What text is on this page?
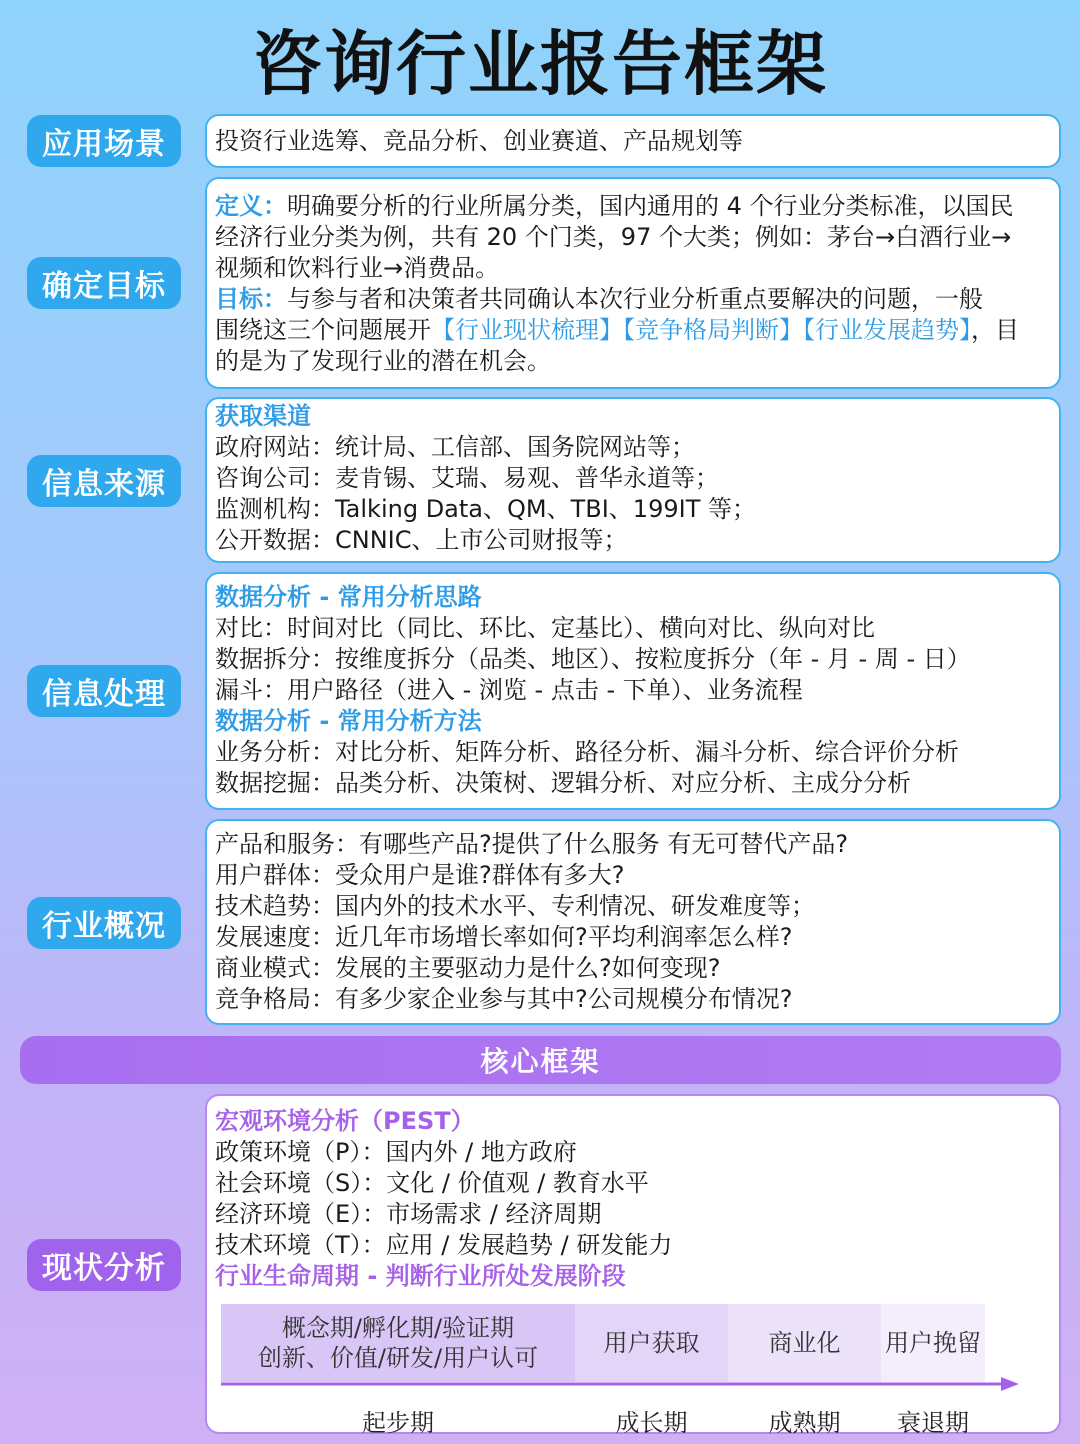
咨询行业报告框架
应用场景	投资行业选筹、竞品分析、创业赛道、产品规划等
确定目标
定义：明确要分析的行业所属分类，国内通用的 4 个行业分类标准，以国民
经济行业分类为例，共有 20 个门类，97 个大类；例如：茅台→白酒行业→
视频和饮料行业→消费品。
目标：与参与者和决策者共同确认本次行业分析重点要解决的问题，一般
围绕这三个问题展开【行业现状梳理】【竞争格局判断】【行业发展趋势】，目
的是为了发现行业的潜在机会。
信息来源
获取渠道
政府网站：统计局、工信部、国务院网站等；
咨询公司：麦肯锡、艾瑞、易观、普华永道等；
监测机构：Talking Data、QM、TBI、199IT 等；
公开数据：CNNIC、上市公司财报等；
信息处理
数据分析 - 常用分析思路
对比：时间对比（同比、环比、定基比）、横向对比、纵向对比
数据拆分：按维度拆分（品类、地区）、按粒度拆分（年 - 月 - 周 - 日）
漏斗：用户路径（进入 - 浏览 - 点击 - 下单）、业务流程
数据分析 - 常用分析方法
业务分析：对比分析、矩阵分析、路径分析、漏斗分析、综合评价分析
数据挖掘：品类分析、决策树、逻辑分析、对应分析、主成分分析
行业概况
产品和服务：有哪些产品?提供了什么服务 有无可替代产品?
用户群体：受众用户是谁?群体有多大?
技术趋势：国内外的技术水平、专利情况、研发难度等；
发展速度：近几年市场增长率如何?平均利润率怎么样?
商业模式：发展的主要驱动力是什么?如何变现?
竞争格局：有多少家企业参与其中?公司规模分布情况?
核心框架
现状分析
宏观环境分析（PEST）
政策环境（P）：国内外 / 地方政府
社会环境（S）：文化 / 价值观 / 教育水平
经济环境（E）：市场需求 / 经济周期
技术环境（T）：应用 / 发展趋势 / 研发能力
行业生命周期 - 判断行业所处发展阶段
概念期/孵化期/验证期
创新、价值/研发/用户认可
用户获取	商业化 用户挽留
起步期	成长期	成熟期	衰退期
